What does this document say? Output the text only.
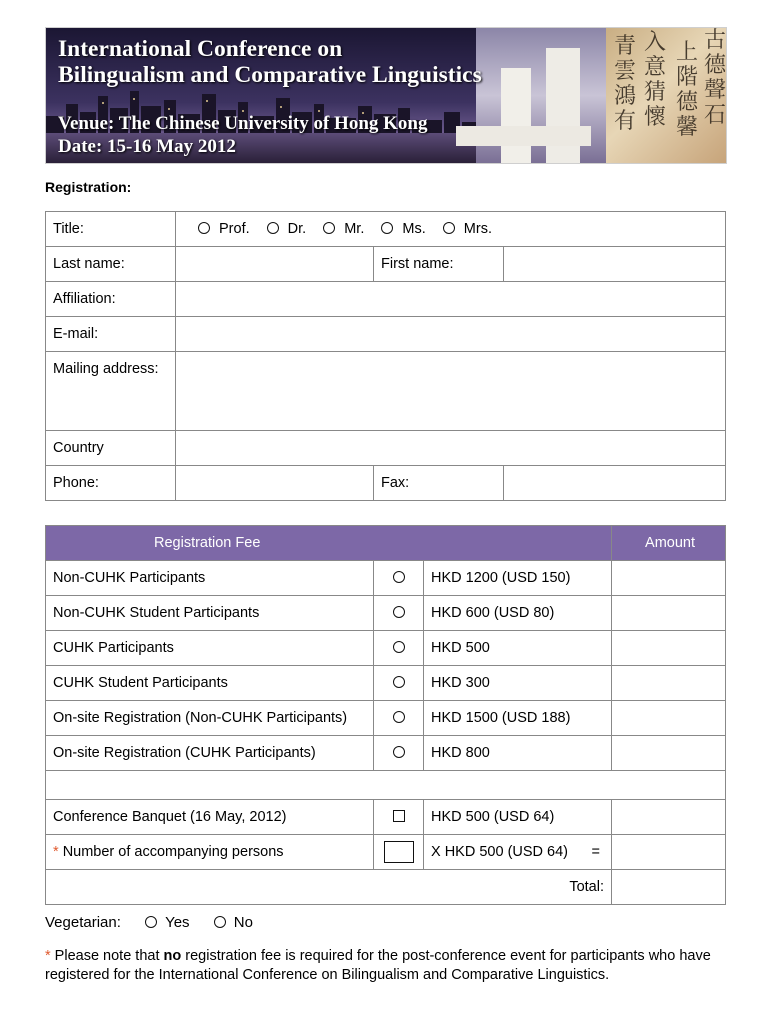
青
雲
鴻
有
入
意
猜
懷
上
階
德
馨
古
德
聲
石
International Conference on
Bilingualism and Comparative Linguistics
Venue: The Chinese University of Hong Kong
Date: 15-16 May 2012
Registration:
Title:	Prof. Dr. Mr. Ms. Mrs.		
Last name:		First name:	
Affiliation:			
E-mail:			
Mailing address:			
Country			
Phone:		Fax:	
Registration Fee			Amount
Non-CUHK Participants		HKD 1200 (USD 150)	
Non-CUHK Student Participants		HKD 600 (USD 80)	
CUHK Participants		HKD 500	
CUHK Student Participants		HKD 300	
On-site Registration (Non-CUHK Participants)		HKD 1500 (USD 188)	
On-site Registration (CUHK Participants)		HKD 800	

Conference Banquet (16 May, 2012)		HKD 500 (USD 64)	
* Number of accompanying persons		X HKD 500 (USD 64) =	

Total:			
Vegetarian:	Yes	No
* Please note that no registration fee is required for the post-conference event for participants who have registered for the International Conference on Bilingualism and Comparative Linguistics.
